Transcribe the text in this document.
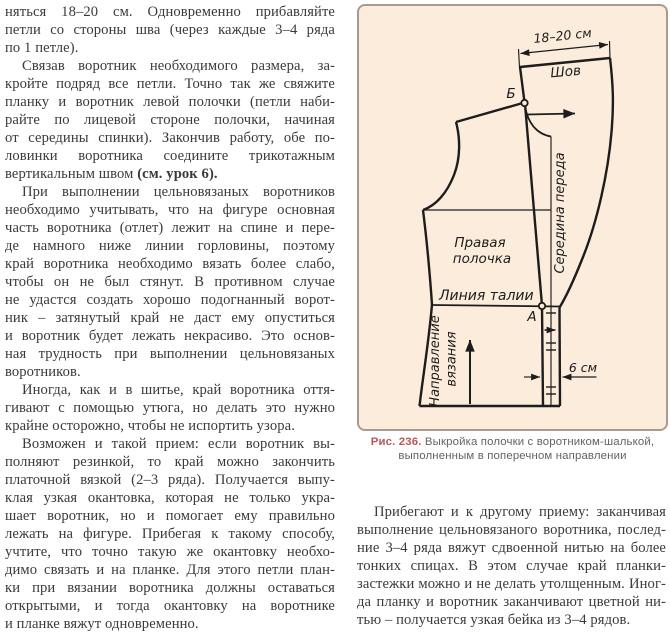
няться 18–20 см. Одновременно прибавляйте
петли со стороны шва (через каждые 3–4 ряда
по 1 петле).
Связав воротник необходимого размера, за-
кройте подряд все петли. Точно так же свяжите
планку и воротник левой полочки (петли наби-
райте по лицевой стороне полочки, начиная
от середины спинки). Закончив работу, обе по-
ловинки воротника соедините трикотажным
вертикальным швом (см. урок 6).
При выполнении цельновязаных воротников
необходимо учитывать, что на фигуре основная
часть воротника (отлет) лежит на спине и пере-
де намного ниже линии горловины, поэтому
край воротника необходимо вязать более слабо,
чтобы он не был стянут. В противном случае
не удастся создать хорошо подогнанный ворот-
ник – затянутый край не даст ему опуститься
и воротник будет лежать некрасиво. Это основ-
ная трудность при выполнении цельновязаных
воротников.
Иногда, как и в шитье, край воротника оття-
гивают с помощью утюга, но делать это нужно
крайне осторожно, чтобы не испортить узора.
Возможен и такой прием: если воротник вы-
полняют резинкой, то край можно закончить
платочной вязкой (2–3 ряда). Получается выпу-
клая узкая окантовка, которая не только укра-
шает воротник, но и помогает ему правильно
лежать на фигуре. Прибегая к такому способу,
учтите, что точно такую же окантовку необхо-
димо связать и на планке. Для этого петли план-
ки при вязании воротника должны оставаться
открытыми, и тогда окантовку на воротнике
и планке вяжут одновременно.
18–20 см
Шов
Середина переда
Правая
полочка
Линия талии
Направление вязания	6 см
Б
А
Рис. 236. Выкройка полочки с воротником-шалькой,
выполненным в поперечном направлении
Прибегают и к другому приему: заканчивая
выполнение цельновязаного воротника, послед-
ние 3–4 ряда вяжут сдвоенной нитью на более
тонких спицах. В этом случае край планки-
застежки можно и не делать утолщенным. Иног-
да планку и воротник заканчивают цветной ни-
тью – получается узкая бейка из 3–4 рядов.
